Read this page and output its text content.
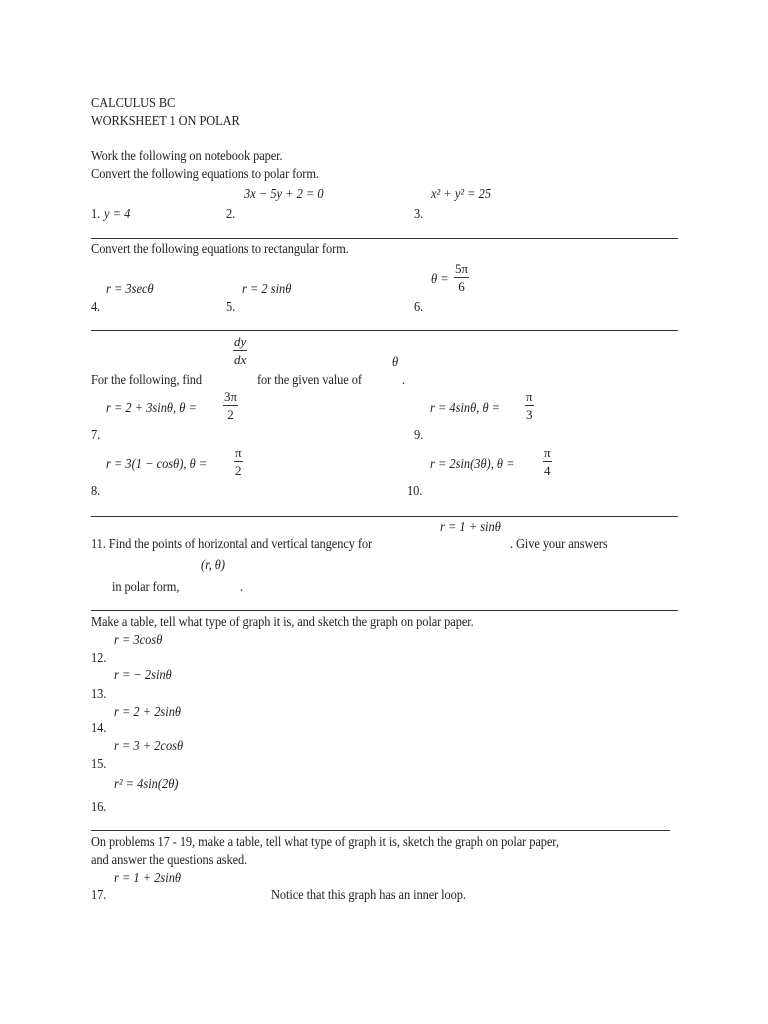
CALCULUS BC
WORKSHEET 1 ON POLAR
Work the following on notebook paper.
Convert the following equations to polar form.
3x − 5y + 2 = 0	x² + y² = 25
1. y = 4	2.	3.
Convert the following equations to rectangular form.
r = 3secθ	r = 2 sinθ
$\theta = \frac{5\pi}{6}$
4.	5.	6.
$\frac{dy}{dx}$	θ
For the following, find	for the given value of	.
r = 2 + 3sinθ, $\theta = \frac{3\pi}{2}$
7.
r = 4sinθ, $\theta = \frac{\pi}{3}$
9.
r = 3(1 − cosθ), $\theta = \frac{\pi}{2}$
8.
r = 2sin(3θ), $\theta = \frac{\pi}{4}$
10.
r = 1 + sinθ
11. Find the points of horizontal and vertical tangency for	. Give your answers
(r, θ)
in polar form,	.
Make a table, tell what type of graph it is, and sketch the graph on polar paper.
r = 3cosθ
12.
r = − 2sinθ
13.
r = 2 + 2sinθ
14.
r = 3 + 2cosθ
15.
r² = 4sin(2θ)
16.
On problems 17 - 19, make a table, tell what type of graph it is, sketch the graph on polar paper,
and answer the questions asked.
r = 1 + 2sinθ
17.	Notice that this graph has an inner loop.
